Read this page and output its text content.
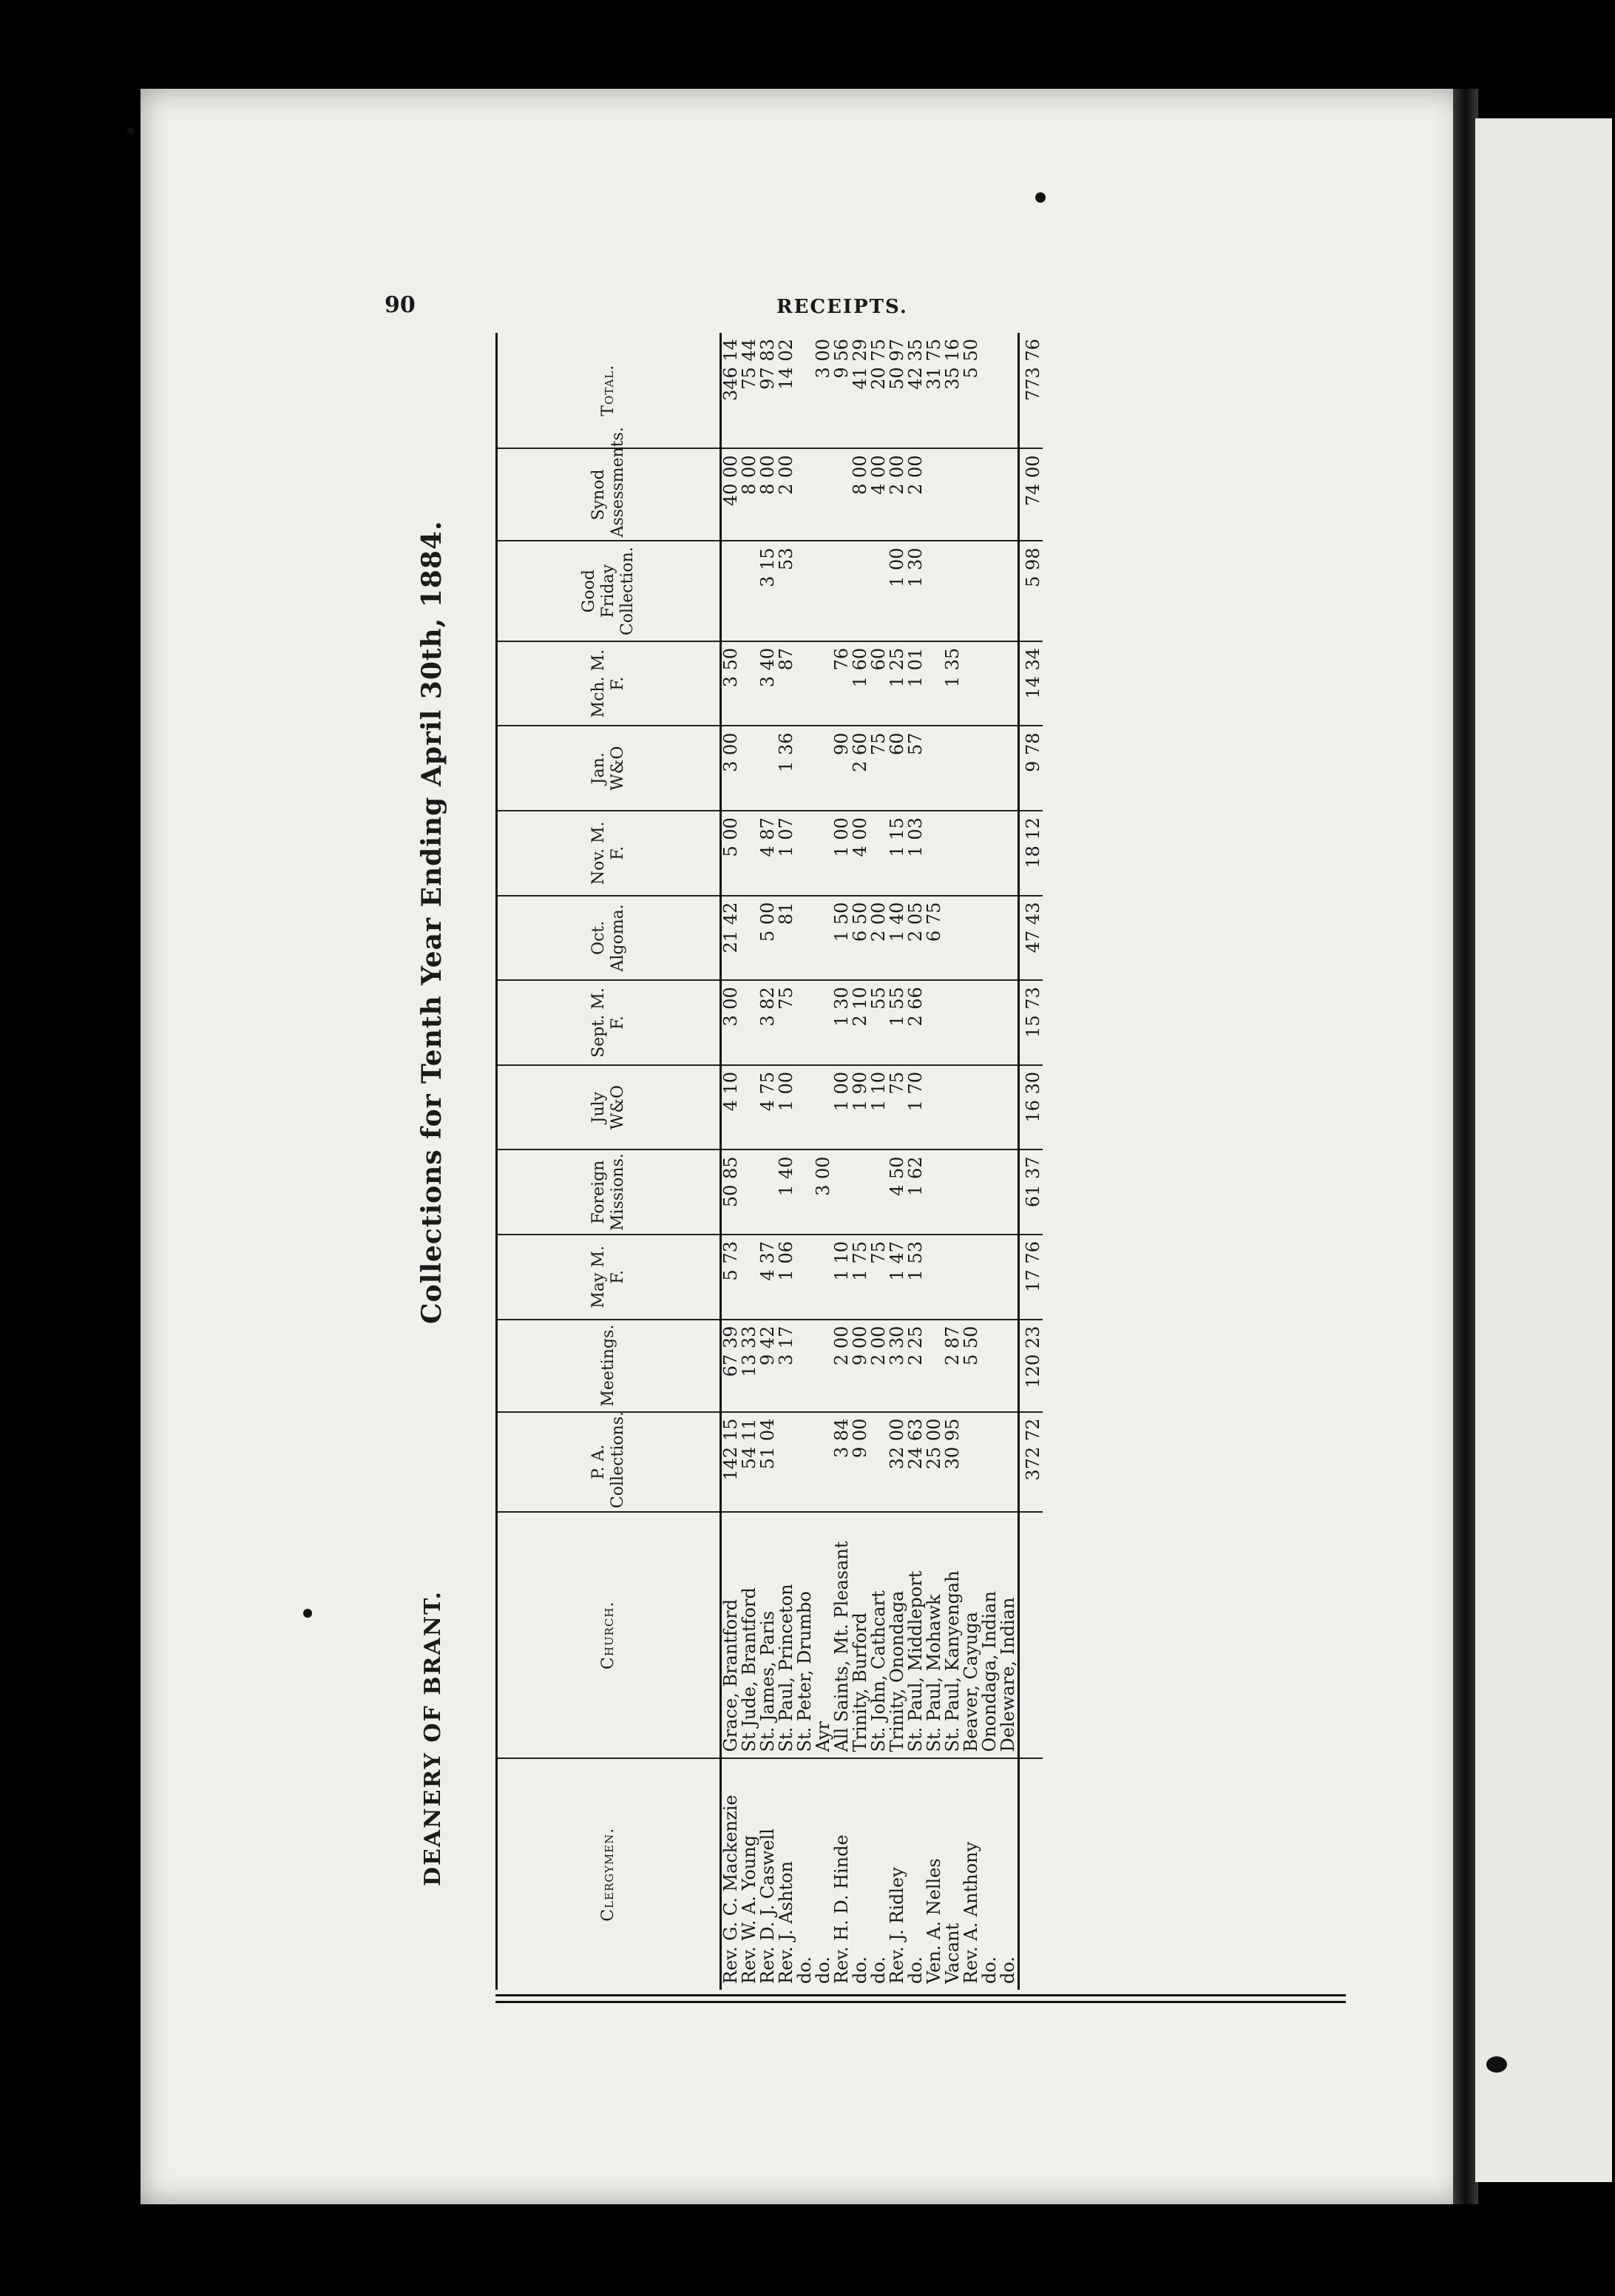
90	RECEIPTS.
DEANERY OF BRANT.
Collections for Tenth Year Ending April 30th, 1884.
Clergymen.	Church.	P. A. Collections.	Meetings.	May M. F.	Foreign Missions.	July W&O	Sept. M. F.	Oct. Algoma.	Nov. M. F.	Jan. W&O	Mch. M. F.	Good Friday Collection.	Synod Assessments.	Total.
Rev. G. C. Mackenzie	Grace, Brantford	142 15	67 39	5 73	50 85	4 10	3 00	21 42	5 00	3 00	3 50		40 00	346 14
Rev. W. A. Young	St Jude, Brantford	54 11	13 33										8 00	75 44
Rev. D. J. Caswell	St. James, Paris	51 04	9 42	4 37		4 75	3 82	5 00	4 87		3 40	3 15	8 00	97 83
Rev. J. Ashton	St. Paul, Princeton		3 17	1 06	1 40	1 00	75	81	1 07	1 36	87	53	2 00	14 02
do.	St. Peter, Drumbo													
do.	Ayr				3 00									3 00
Rev. H. D. Hinde	All Saints, Mt. Pleasant	3 84	2 00	1 10		1 00	1 30	1 50	1 00	90	76			9 56
do.	Trinity, Burford	9 00	9 00	1 75		1 90	2 10	6 50	4 00	2 60	1 60		8 00	41 29
do.	St. John, Cathcart		2 00	75		1 10	55	2 00		75	60		4 00	20 75
Rev. J. Ridley	Trinity, Onondaga	32 00	3 30	1 47	4 50	75	1 55	1 40	1 15	60	1 25	1 00	2 00	50 97
do.	St. Paul, Middleport	24 63	2 25	1 53	1 62	1 70	2 66	2 05	1 03	57	1 01	1 30	2 00	42 35
Ven. A. Nelles	St. Paul, Mohawk	25 00						6 75						31 75
Vacant	St. Paul, Kanyengah	30 95	2 87								1 35			35 16
Rev. A. Anthony	Beaver, Cayuga		5 50											5 50
do.	Onondaga, Indian													
do.	Deleware, Indian													
		372 72	120 23	17 76	61 37	16 30	15 73	47 43	18 12	9 78	14 34	5 98	74 00	773 76
